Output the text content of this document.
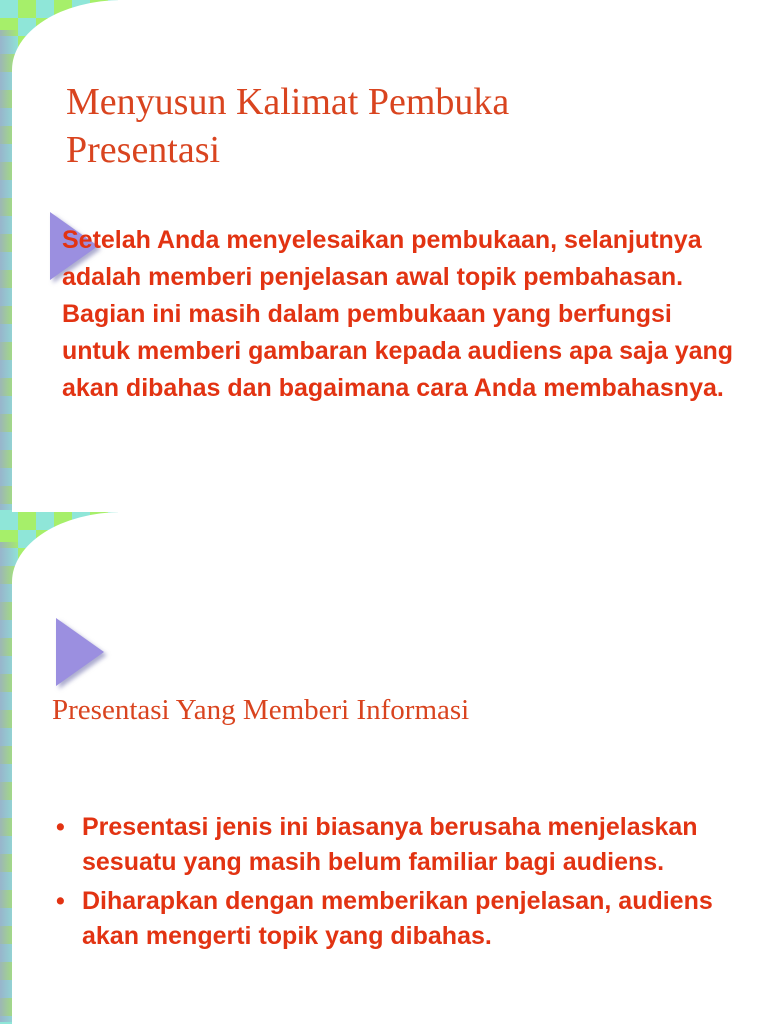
Menyusun Kalimat Pembuka
Presentasi

Setelah Anda menyelesaikan pembukaan, selanjutnya adalah memberi penjelasan awal topik pembahasan. Bagian ini masih dalam pembukaan yang berfungsi untuk memberi gambaran kepada audiens apa saja yang akan dibahas dan bagaimana cara Anda membahasnya.

Presentasi Yang Memberi Informasi
• Presentasi jenis ini biasanya berusaha menjelaskan sesuatu yang masih belum familiar bagi audiens.
• Diharapkan dengan memberikan penjelasan, audiens akan mengerti topik yang dibahas.
